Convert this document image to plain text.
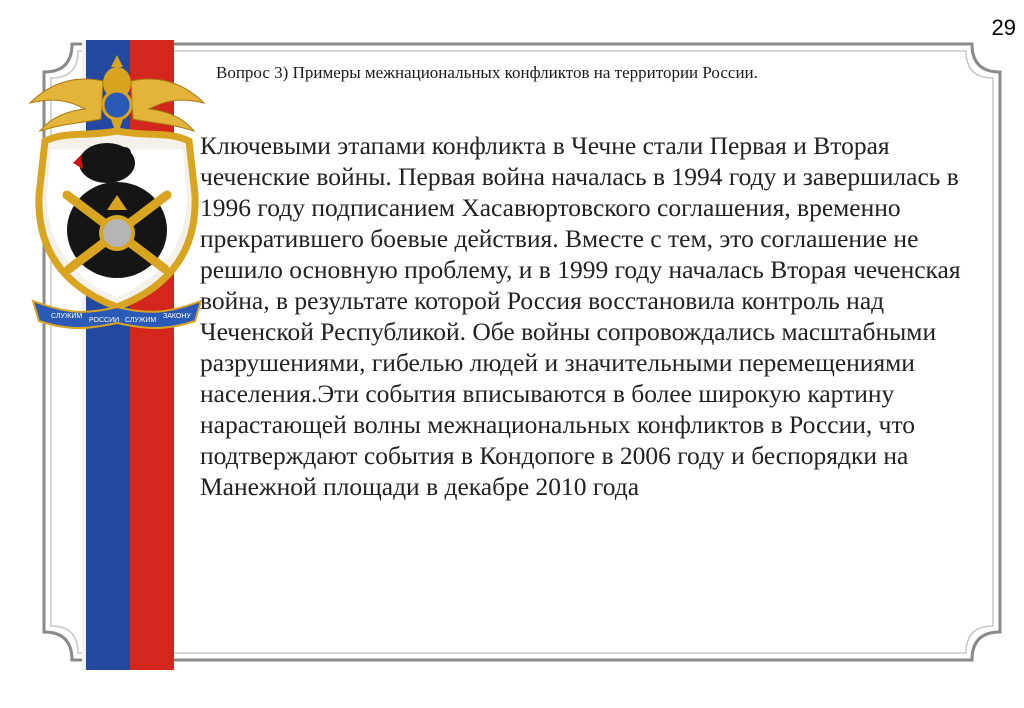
29
СЛУЖИМ
РОССИИ СЛУЖИМ
ЗАКОНУ
Вопрос 3) Примеры межнациональных конфликтов на территории России.

Ключевыми этапами конфликта в Чечне стали Первая и Вторая чеченские войны. Первая война началась в 1994 году и завершилась в 1996 году подписанием Хасавюртовского соглашения, временно прекратившего боевые действия. Вместе с тем, это соглашение не решило основную проблему, и в 1999 году началась Вторая чеченская война, в результате которой Россия восстановила контроль над Чеченской Республикой. Обе войны сопровождались масштабными разрушениями, гибелью людей и значительными перемещениями населения.Эти события вписываются в более широкую картину нарастающей волны межнациональных конфликтов в России, что подтверждают события в Кондопоге в 2006 году и беспорядки на Манежной площади в декабре 2010 года
